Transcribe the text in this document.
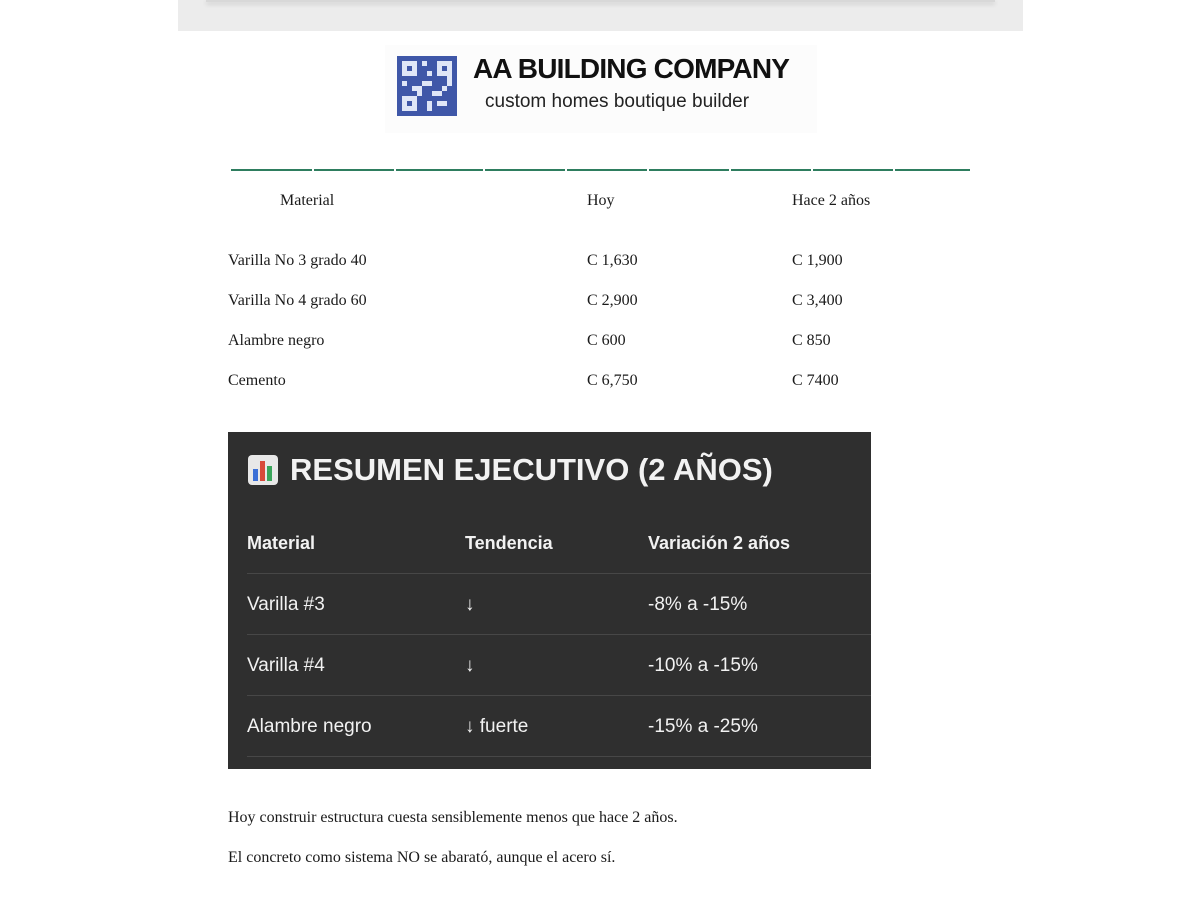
AA BUILDING COMPANY
custom homes boutique builder
Material	Hoy	Hace 2 años
Varilla No 3 grado 40	C 1,630	C 1,900
Varilla No 4 grado 60	C 2,900	C 3,400
Alambre negro	C 600	C 850
Cemento	C 6,750	C 7400
RESUMEN EJECUTIVO (2 AÑOS)
Material	Tendencia	Variación 2 años
Varilla #3	↓	-8% a -15%
Varilla #4	↓	-10% a -15%
Alambre negro	↓ fuerte	-15% a -25%
Hoy construir estructura cuesta sensiblemente menos que hace 2 años.
El concreto como sistema NO se abarató, aunque el acero sí.
